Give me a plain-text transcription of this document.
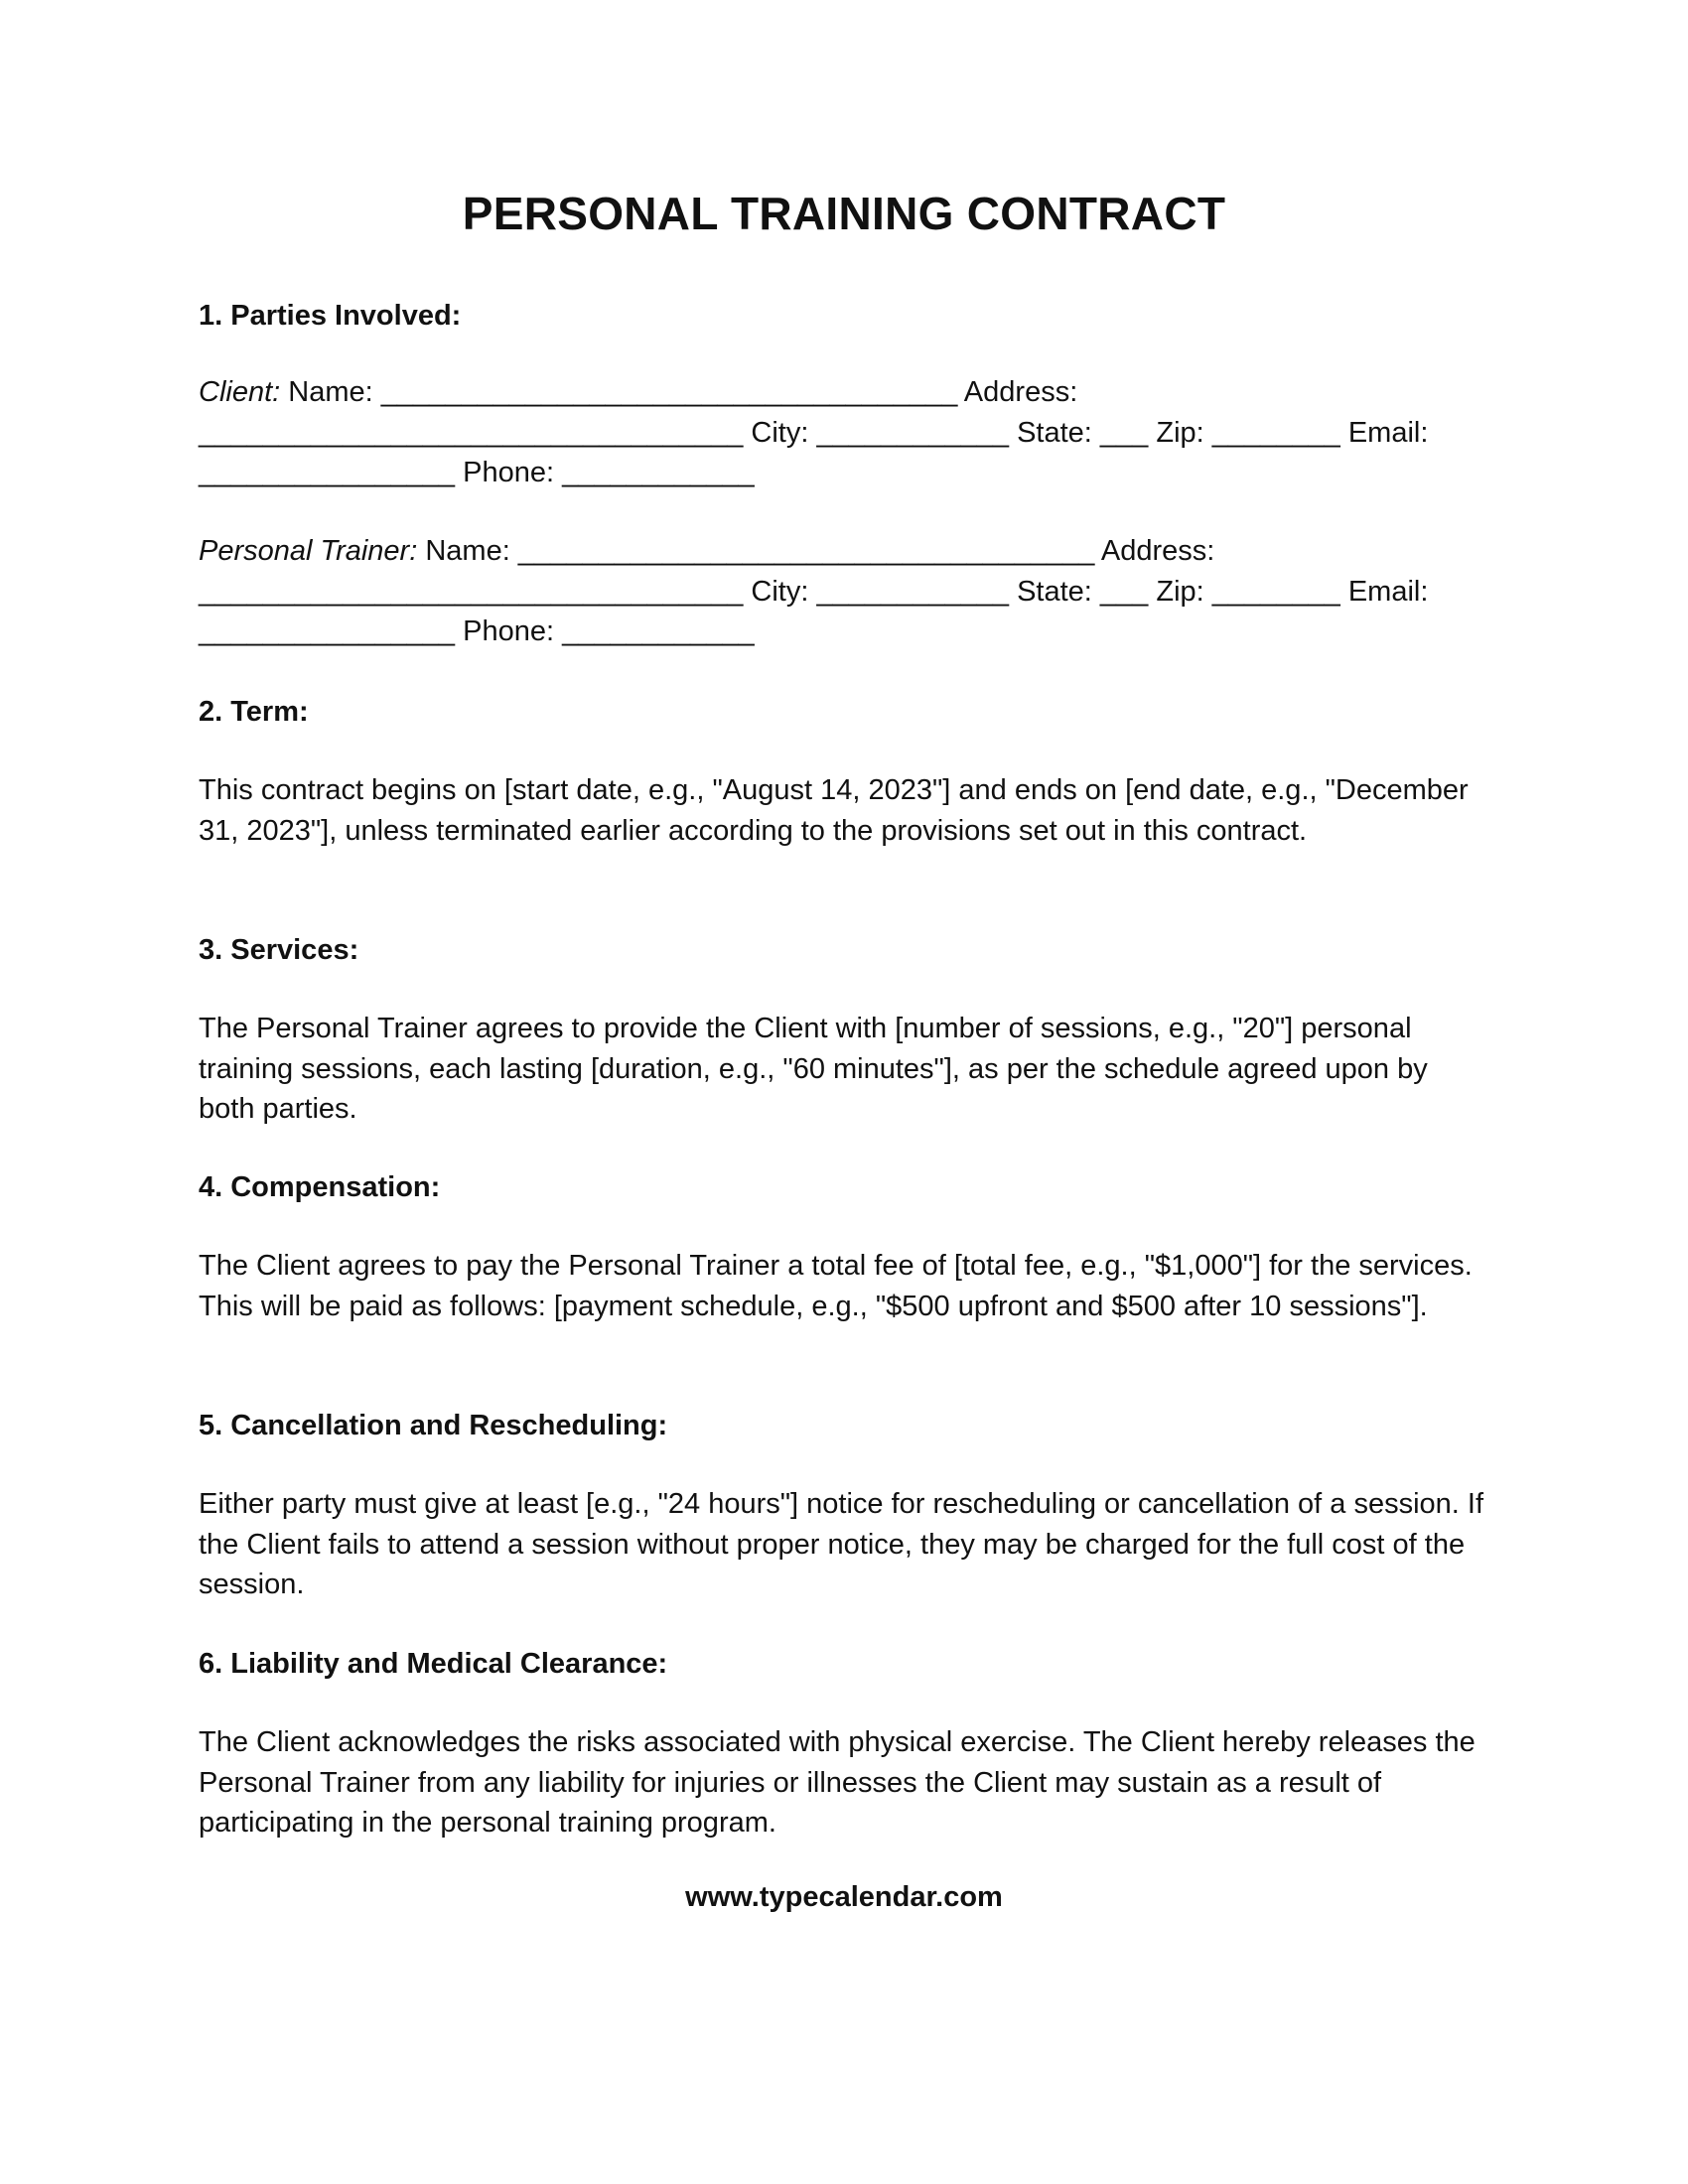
PERSONAL TRAINING CONTRACT

1. Parties Involved:

Client: Name: ____________________________________ Address:
__________________________________ City: ____________ State: ___ Zip: ________ Email:
________________ Phone: ____________
Personal Trainer: Name: ____________________________________ Address:
__________________________________ City: ____________ State: ___ Zip: ________ Email:
________________ Phone: ____________

2. Term:

This contract begins on [start date, e.g., "August 14, 2023"] and ends on [end date, e.g., "December 31, 2023"], unless terminated earlier according to the provisions set out in this contract.

3. Services:

The Personal Trainer agrees to provide the Client with [number of sessions, e.g., "20"] personal training sessions, each lasting [duration, e.g., "60 minutes"], as per the schedule agreed upon by both parties.

4. Compensation:

The Client agrees to pay the Personal Trainer a total fee of [total fee, e.g., "$1,000"] for the services. This will be paid as follows: [payment schedule, e.g., "$500 upfront and $500 after 10 sessions"].

5. Cancellation and Rescheduling:

Either party must give at least [e.g., "24 hours"] notice for rescheduling or cancellation of a session. If the Client fails to attend a session without proper notice, they may be charged for the full cost of the session.

6. Liability and Medical Clearance:

The Client acknowledges the risks associated with physical exercise. The Client hereby releases the Personal Trainer from any liability for injuries or illnesses the Client may sustain as a result of participating in the personal training program.

www.typecalendar.com
